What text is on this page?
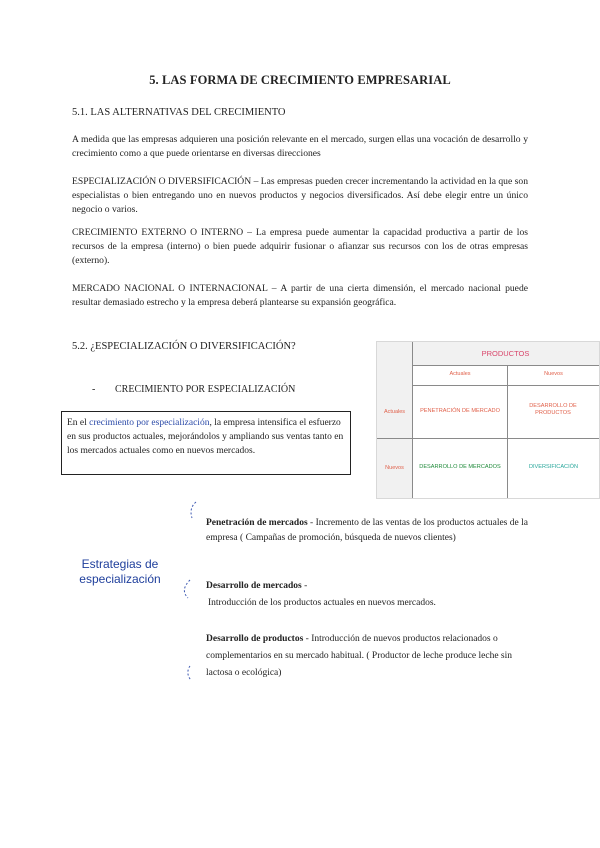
5. LAS FORMA DE CRECIMIENTO EMPRESARIAL
5.1. LAS ALTERNATIVAS DEL CRECIMIENTO
A medida que las empresas adquieren una posición relevante en el mercado, surgen ellas una vocación de desarrollo y crecimiento como a que puede orientarse en diversas direcciones
ESPECIALIZACIÓN O DIVERSIFICACIÓN – Las empresas pueden crecer incrementando la actividad en la que son especialistas o bien entregando uno en nuevos productos y negocios diversificados. Así debe elegir entre un único negocio o varios.
CRECIMIENTO EXTERNO O INTERNO – La empresa puede aumentar la capacidad productiva a partir de los recursos de la empresa (interno) o bien puede adquirir fusionar o afianzar sus recursos con los de otras empresas (externo).
MERCADO NACIONAL O INTERNACIONAL – A partir de una cierta dimensión, el mercado nacional puede resultar demasiado estrecho y la empresa deberá plantearse su expansión geográfica.
5.2. ¿ESPECIALIZACIÓN O DIVERSIFICACIÓN?
- CRECIMIENTO POR ESPECIALIZACIÓN
En el crecimiento por especialización, la empresa intensifica el esfuerzo en sus productos actuales, mejorándolos y ampliando sus ventas tanto en los mercados actuales como en nuevos mercados.
PRODUCTOS
Actuales	Nuevos
Actuales
Nuevos
PENETRACIÓN DE MERCADO
DESARROLLO DE PRODUCTOS
DESARROLLO DE MERCADOS	DIVERSIFICACIÓN
Estrategias de especialización
Penetración de mercados - Incremento de las ventas de los productos actuales de la empresa ( Campañas de promoción, búsqueda de nuevos clientes)
Desarrollo de mercados -
Introducción de los productos actuales en nuevos mercados.
Desarrollo de productos - Introducción de nuevos productos relacionados o complementarios en su mercado habitual. ( Productor de leche produce leche sin lactosa o ecológica)
